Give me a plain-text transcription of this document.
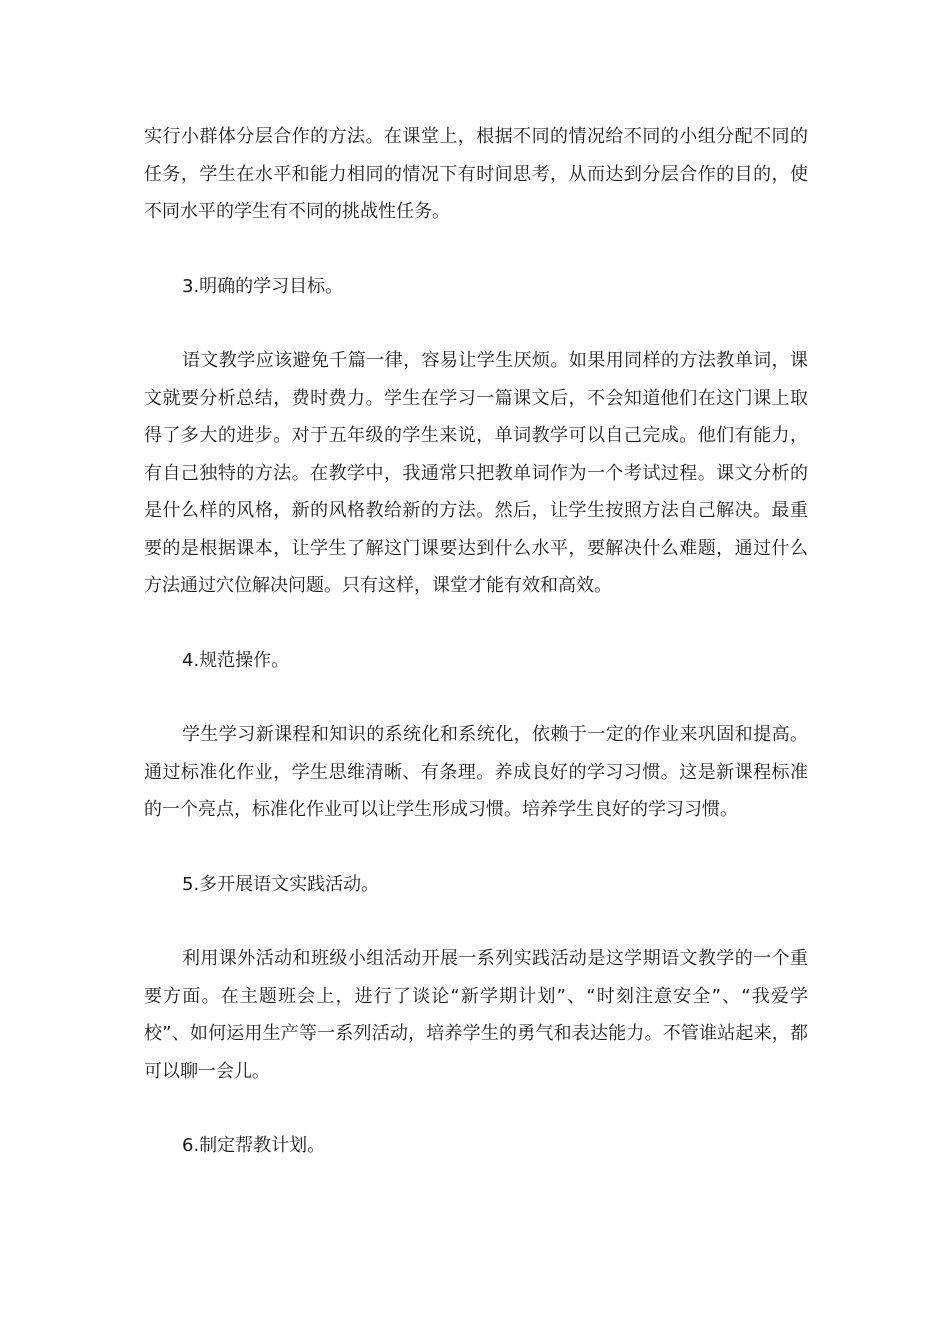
实行小群体分层合作的方法。在课堂上，根据不同的情况给不同的小组分配不同的任务，学生在水平和能力相同的情况下有时间思考，从而达到分层合作的目的，使不同水平的学生有不同的挑战性任务。

3.明确的学习目标。

语文教学应该避免千篇一律，容易让学生厌烦。如果用同样的方法教单词，课文就要分析总结，费时费力。学生在学习一篇课文后，不会知道他们在这门课上取得了多大的进步。对于五年级的学生来说，单词教学可以自己完成。他们有能力，有自己独特的方法。在教学中，我通常只把教单词作为一个考试过程。课文分析的是什么样的风格，新的风格教给新的方法。然后，让学生按照方法自己解决。最重要的是根据课本，让学生了解这门课要达到什么水平，要解决什么难题，通过什么方法通过穴位解决问题。只有这样，课堂才能有效和高效。

4.规范操作。

学生学习新课程和知识的系统化和系统化，依赖于一定的作业来巩固和提高。通过标准化作业，学生思维清晰、有条理。养成良好的学习习惯。这是新课程标准的一个亮点，标准化作业可以让学生形成习惯。培养学生良好的学习习惯。

5.多开展语文实践活动。

利用课外活动和班级小组活动开展一系列实践活动是这学期语文教学的一个重要方面。在主题班会上，进行了谈论“新学期计划”、“时刻注意安全”、“我爱学校”、如何运用生产等一系列活动，培养学生的勇气和表达能力。不管谁站起来，都可以聊一会儿。

6.制定帮教计划。
